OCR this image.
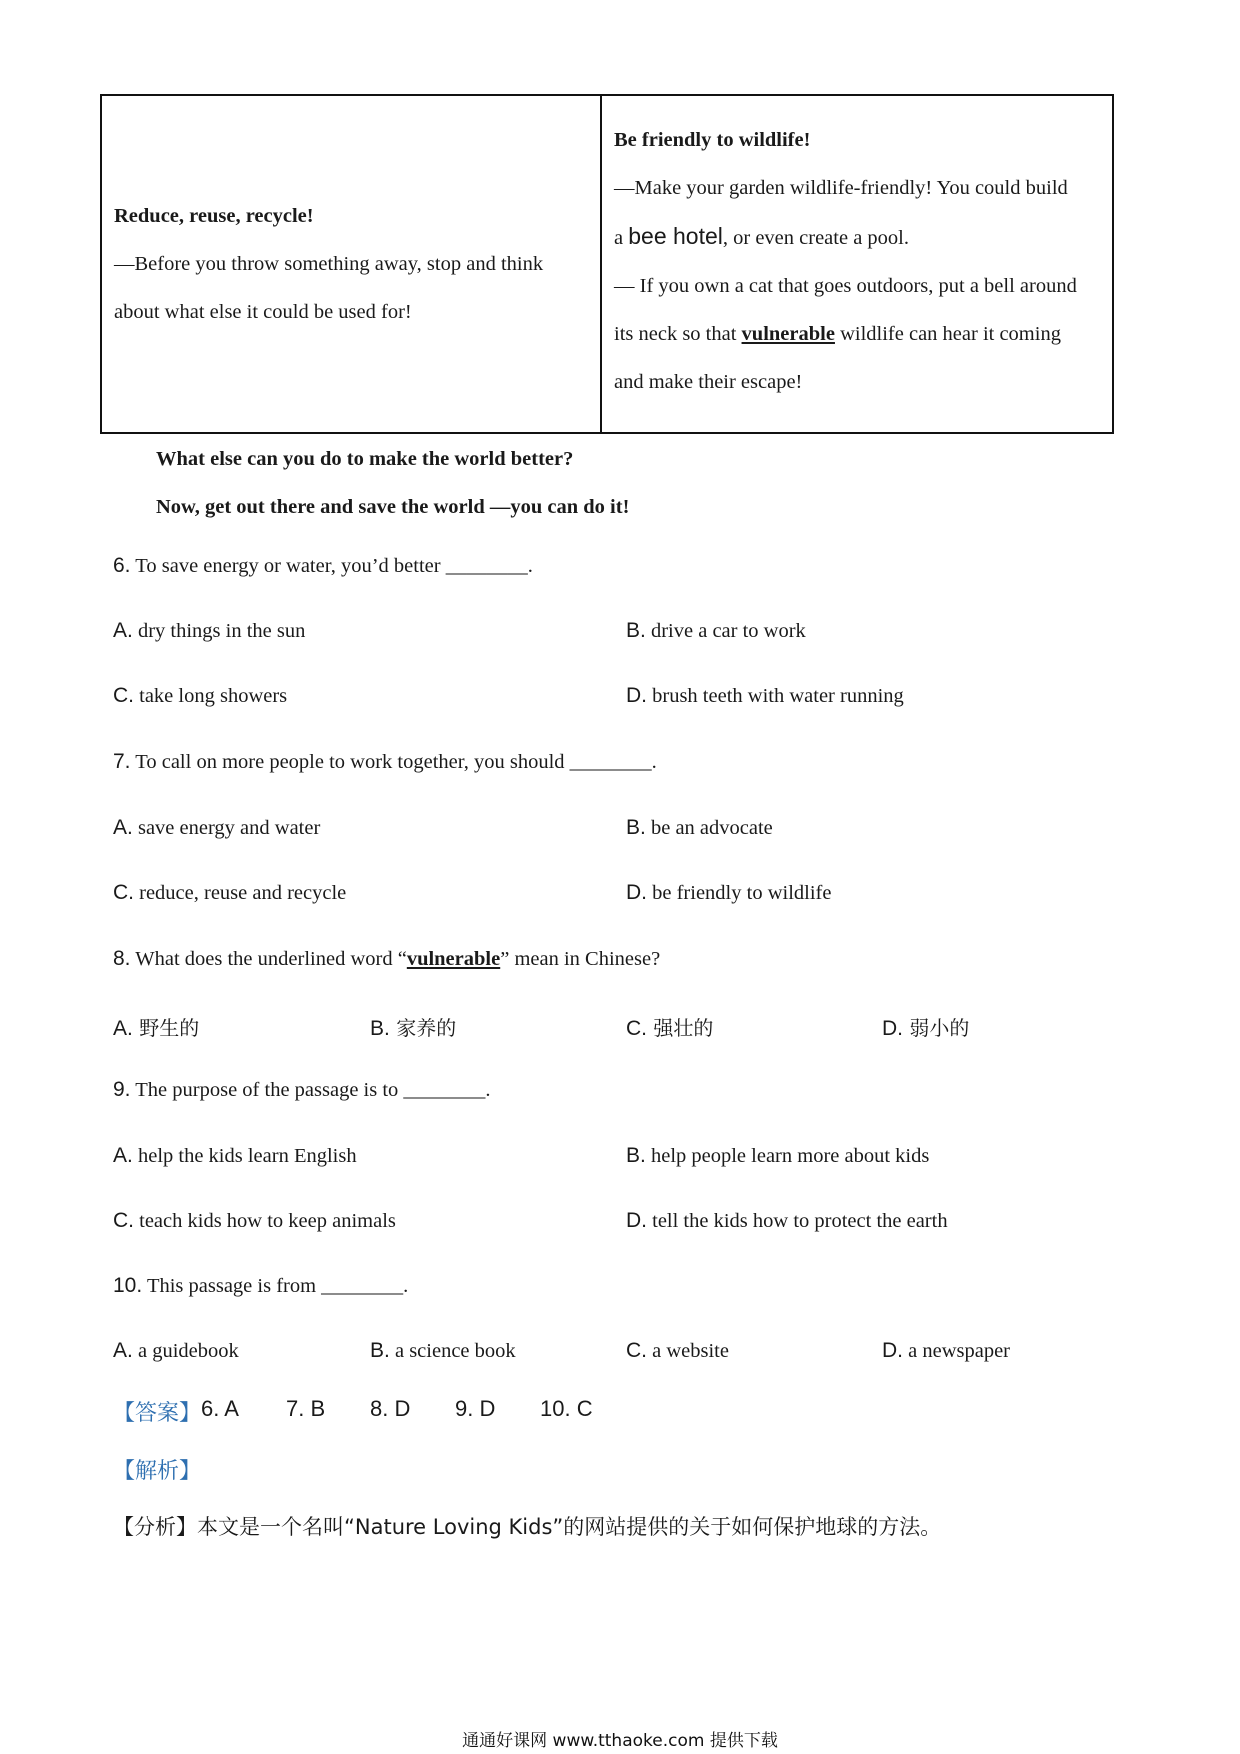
Reduce, reuse, recycle!
—Before you throw something away, stop and think
about what else it could be used for!
Be friendly to wildlife!
—Make your garden wildlife-friendly! You could build
a bee hotel, or even create a pool.
— If you own a cat that goes outdoors, put a bell around
its neck so that vulnerable wildlife can hear it coming
and make their escape!
What else can you do to make the world better?
Now, get out there and save the world —you can do it!
6. To save energy or water, you’d better ________.
A. dry things in the sun	B. drive a car to work
C. take long showers	D. brush teeth with water running
7. To call on more people to work together, you should ________.
A. save energy and water	B. be an advocate
C. reduce, reuse and recycle	D. be friendly to wildlife
8. What does the underlined word “vulnerable” mean in Chinese?
A. 野生的	B. 家养的	C. 强壮的	D. 弱小的
9. The purpose of the passage is to ________.
A. help the kids learn English	B. help people learn more about kids
C. teach kids how to keep animals	D. tell the kids how to protect the earth
10. This passage is from ________.
A. a guidebook	B. a science book	C. a website	D. a newspaper
【答案】 6. A 7. B 8. D 9. D 10. C
【解析】
【分析】本文是一个名叫“Nature Loving Kids”的网站提供的关于如何保护地球的方法。
通通好课网 www.tthaoke.com 提供下载
